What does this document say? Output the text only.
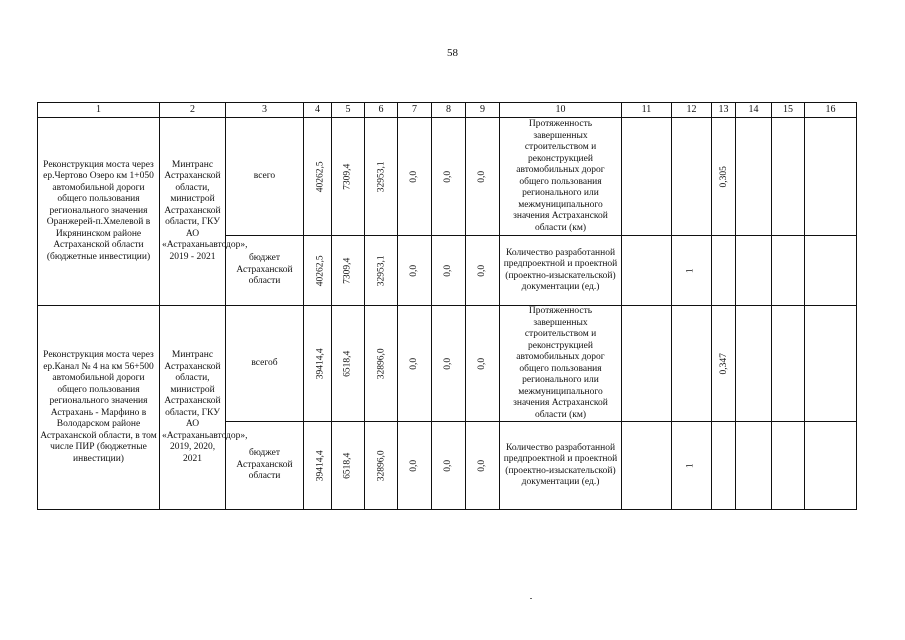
58
1	2	3	4	5	6	7	8	9	10	11	12	13	14	15	16
Реконструкция моста через ер.Чертово Озеро км 1+050 автомобильной дороги общего пользования регионального значения Оранжерей-п.Хмелевой в Икрянинском районе Астраханской области (бюджетные инвестиции)	Минтранс Астраханской области, министрой Астраханской области, ГКУ АО «Астраханьавтодор», 2019 - 2021	всего	40262,5	7309,4	32953,1	0,0	0,0	0,0	Протяженность завершенных строительством и реконструкцией автомобильных дорог общего пользования регионального или межмуниципального значения Астраханской области (км)			0,305			
		бюджет Астраханской области	40262,5	7309,4	32953,1	0,0	0,0	0,0	Количество разработанной предпроектной и проектной (проектно-изыскательской) документации (ед.)		1				
Реконструкция моста через ер.Канал № 4 на км 56+500 автомобильной дороги общего пользования регионального значения Астрахань - Марфино в Володарском районе Астраханской области, в том числе ПИР (бюджетные инвестиции)	Минтранс Астраханской области, министрой Астраханской области, ГКУ АО «Астраханьавтодор», 2019, 2020, 2021	всегоб	39414,4	6518,4	32896,0	0,0	0,0	0,0	Протяженность завершенных строительством и реконструкцией автомобильных дорог общего пользования регионального или межмуниципального значения Астраханской области (км)			0,347			
		бюджет Астраханской области	39414,4	6518,4	32896,0	0,0	0,0	0,0	Количество разработанной предпроектной и проектной (проектно-изыскательской) документации (ед.)		1				
